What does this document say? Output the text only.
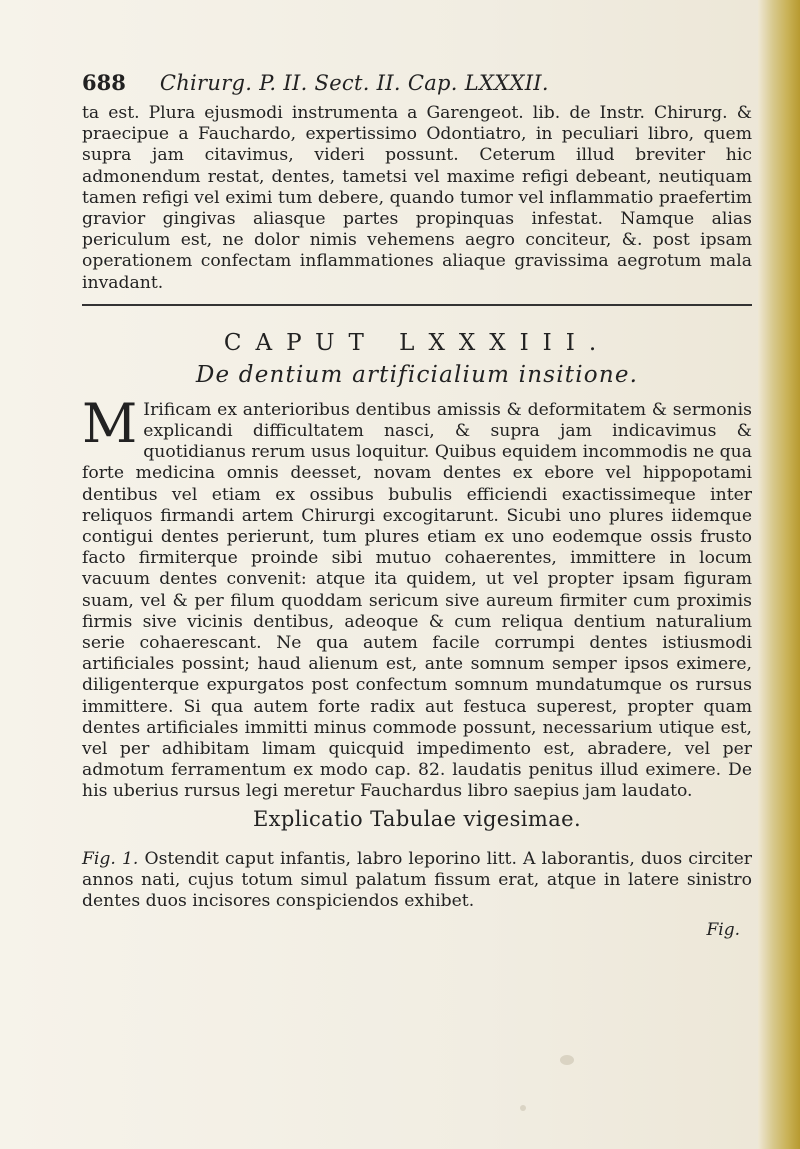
688 Chirurg. P. II. Sect. II. Cap. LXXXII.

ta est. Plura ejusmodi instrumenta a Garengeot. lib. de Instr. Chirurg. & praecipue a Fauchardo, expertissimo Odontiatro, in peculiari libro, quem supra jam citavimus, videri possunt. Ceterum illud breviter hic admonendum restat, dentes, tametsi vel maxime refigi debeant, neutiquam tamen refigi vel eximi tum debere, quando tumor vel inflammatio praefertim gravior gingivas aliasque partes propinquas infestat. Namque alias periculum est, ne dolor nimis vehemens aegro conciteur, &. post ipsam operationem confectam inflammationes aliaque gravissima aegrotum mala invadant.

CAPUT LXXXIII.
De dentium artificialium insitione.
M Irificam ex anterioribus dentibus amissis & deformitatem & sermonis explicandi difficultatem nasci, & supra jam indicavimus & quotidianus rerum usus loquitur. Quibus equidem incommodis ne qua forte medicina omnis deesset, novam dentes ex ebore vel hippopotami dentibus vel etiam ex ossibus bubulis efficiendi exactissimeque inter reliquos firmandi artem Chirurgi excogitarunt. Sicubi uno plures iidemque contigui dentes perierunt, tum plures etiam ex uno eodemque ossis frusto facto firmiterque proinde sibi mutuo cohaerentes, immittere in locum vacuum dentes convenit: atque ita quidem, ut vel propter ipsam figuram suam, vel & per filum quoddam sericum sive aureum firmiter cum proximis firmis sive vicinis dentibus, adeoque & cum reliqua dentium naturalium serie cohaerescant. Ne qua autem facile corrumpi dentes istiusmodi artificiales possint; haud alienum est, ante somnum semper ipsos eximere, diligenterque expurgatos post confectum somnum mundatumque os rursus immittere. Si qua autem forte radix aut festuca superest, propter quam dentes artificiales immitti minus commode possunt, necessarium utique est, vel per adhibitam limam quicquid impedimento est, abradere, vel per admotum ferramentum ex modo cap. 82. laudatis penitus illud eximere. De his uberius rursus legi meretur Fauchardus libro saepius jam laudato.

Explicatio Tabulae vigesimae.

Fig. 1. Ostendit caput infantis, labro leporino litt. A laborantis, duos circiter annos nati, cujus totum simul palatum fissum erat, atque in latere sinistro dentes duos incisores conspiciendos exhibet.

Fig.
